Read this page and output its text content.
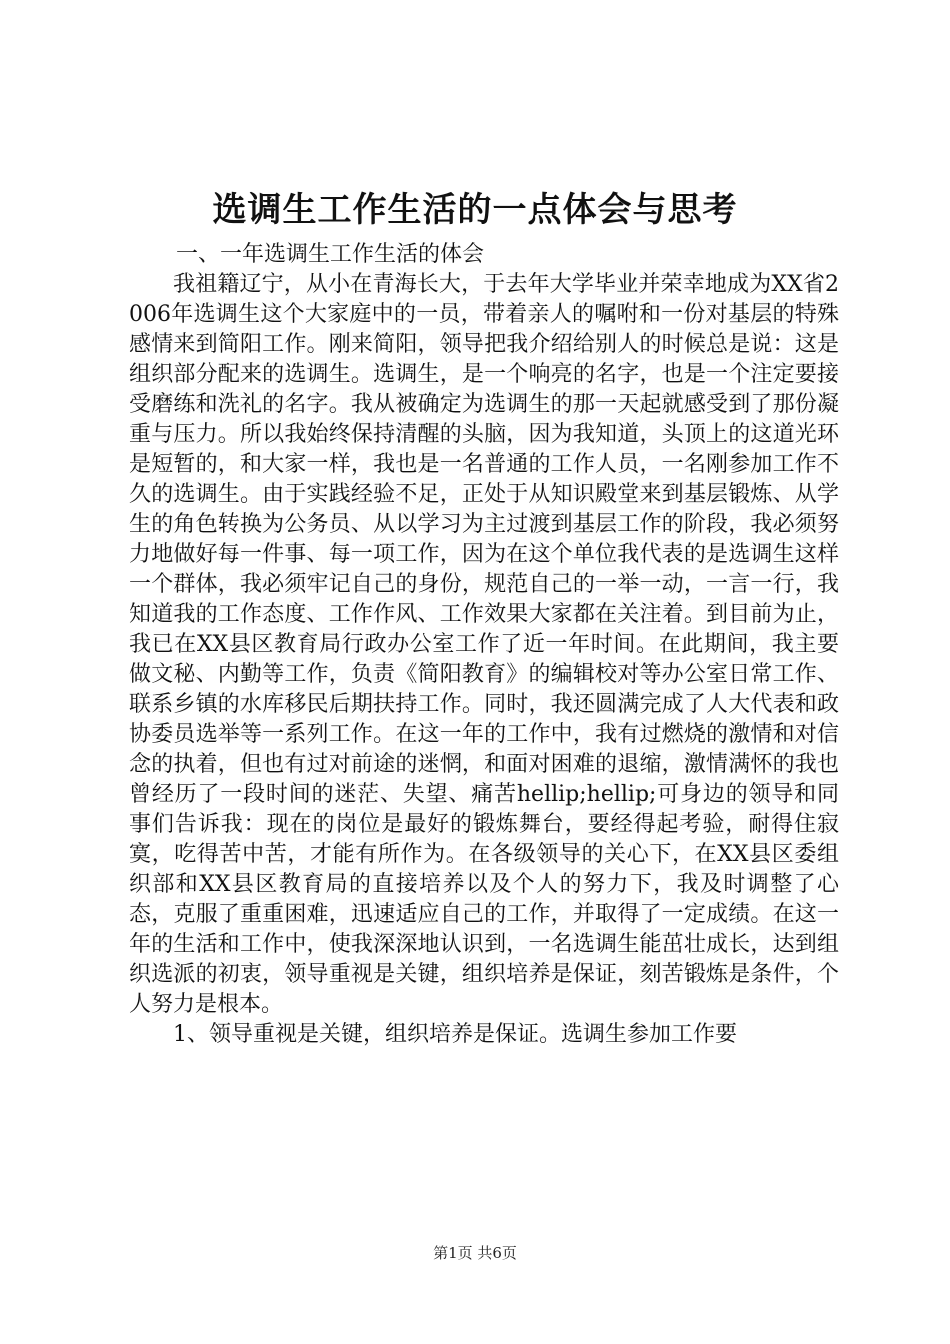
选调生工作生活的一点体会与思考
一、一年选调生工作生活的体会

我祖籍辽宁，从小在青海长大，于去年大学毕业并荣幸地成为XX省2006年选调生这个大家庭中的一员，带着亲人的嘱咐和一份对基层的特殊感情来到简阳工作。刚来简阳，领导把我介绍给别人的时候总是说：这是组织部分配来的选调生。选调生，是一个响亮的名字，也是一个注定要接受磨练和洗礼的名字。我从被确定为选调生的那一天起就感受到了那份凝重与压力。所以我始终保持清醒的头脑，因为我知道，头顶上的这道光环是短暂的，和大家一样，我也是一名普通的工作人员，一名刚参加工作不久的选调生。由于实践经验不足，正处于从知识殿堂来到基层锻炼、从学生的角色转换为公务员、从以学习为主过渡到基层工作的阶段，我必须努力地做好每一件事、每一项工作，因为在这个单位我代表的是选调生这样一个群体，我必须牢记自己的身份，规范自己的一举一动，一言一行，我知道我的工作态度、工作作风、工作效果大家都在关注着。到目前为止，我已在XX县区教育局行政办公室工作了近一年时间。在此期间，我主要做文秘、内勤等工作，负责《简阳教育》的编辑校对等办公室日常工作、联系乡镇的水库移民后期扶持工作。同时，我还圆满完成了人大代表和政协委员选举等一系列工作。在这一年的工作中，我有过燃烧的激情和对信念的执着，但也有过对前途的迷惘，和面对困难的退缩，激情满怀的我也曾经历了一段时间的迷茫、失望、痛苦hellip;hellip;可身边的领导和同事们告诉我：现在的岗位是最好的锻炼舞台，要经得起考验，耐得住寂寞，吃得苦中苦，才能有所作为。在各级领导的关心下，在XX县区委组织部和XX县区教育局的直接培养以及个人的努力下，我及时调整了心态，克服了重重困难，迅速适应自己的工作，并取得了一定成绩。在这一年的生活和工作中，使我深深地认识到，一名选调生能茁壮成长，达到组织选派的初衷，领导重视是关键，组织培养是保证，刻苦锻炼是条件，个人努力是根本。

1、领导重视是关键，组织培养是保证。选调生参加工作要

第1页 共6页
